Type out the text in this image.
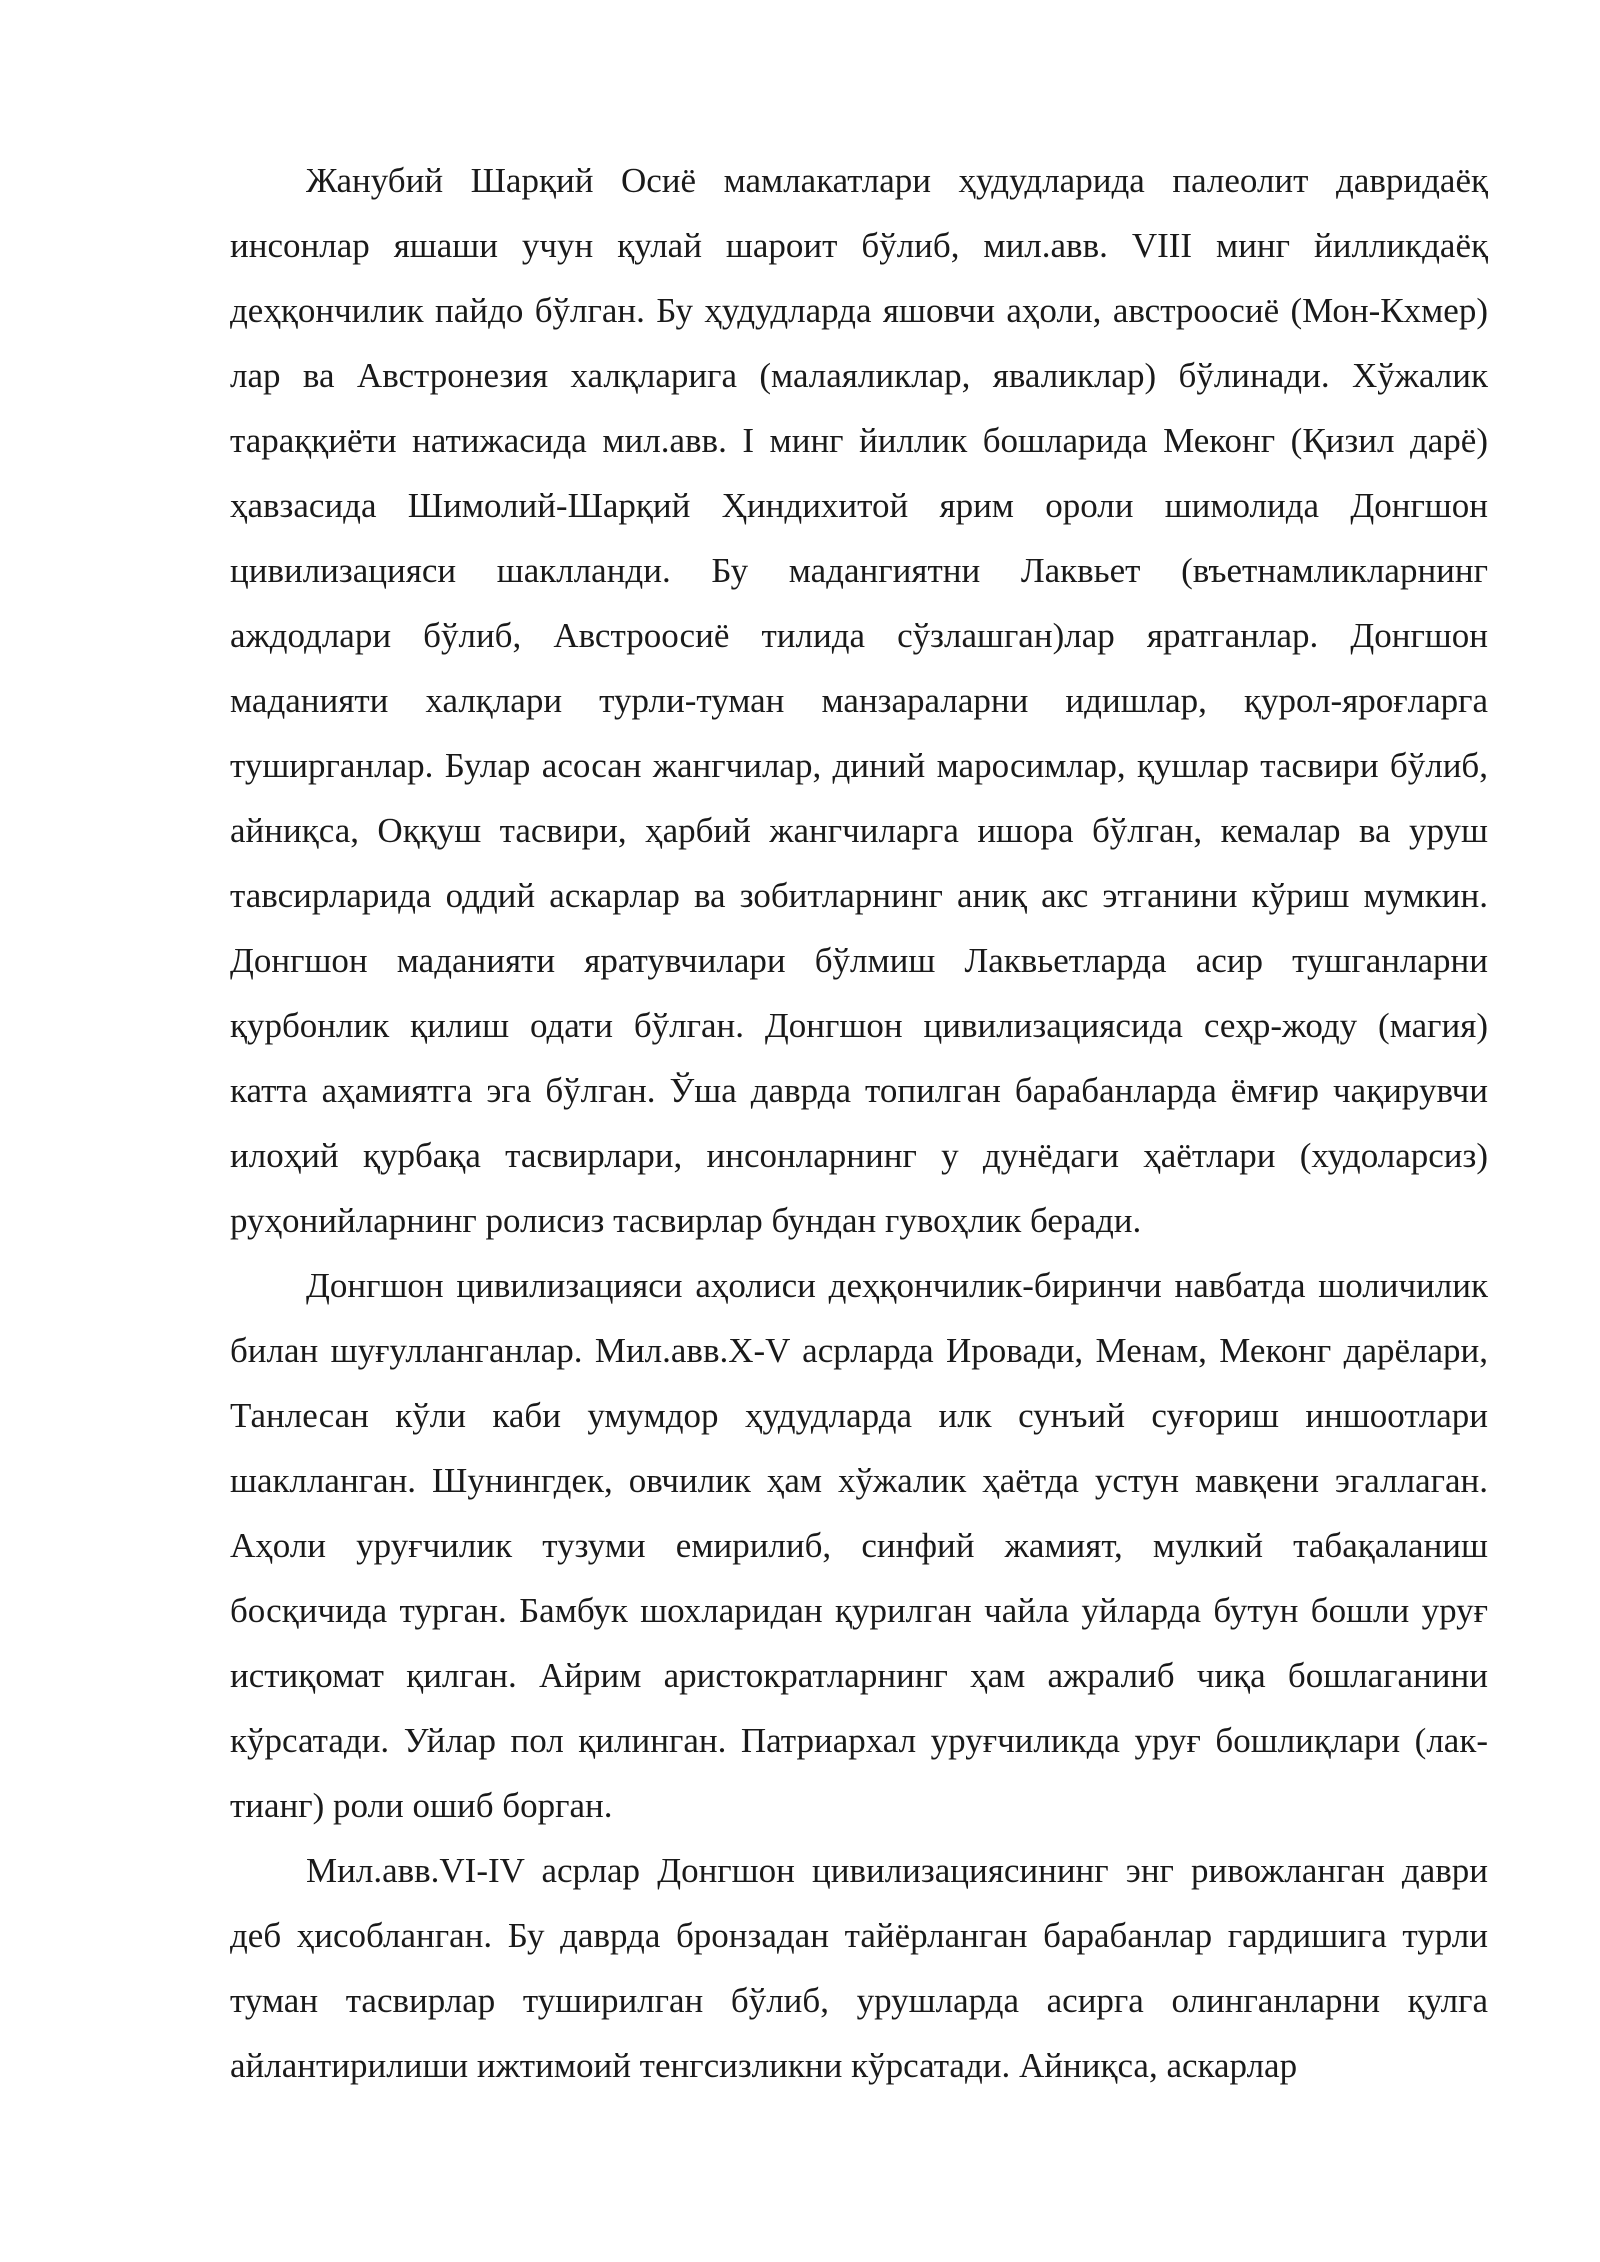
Жанубий Шарқий Осиё мамлакатлари ҳудудларида палеолит давридаёқ инсонлар яшаши учун қулай шароит бўлиб, мил.авв. VIII минг йилликдаёқ деҳқончилик пайдо бўлган. Бу ҳудудларда яшовчи аҳоли, австроосиё (Мон-Кхмер) лар ва Австронезия халқларига (малаяликлар, яваликлар) бўлинади. Хўжалик тараққиёти натижасида мил.авв. I минг йиллик бошларида Меконг (Қизил дарё) ҳавзасида Шимолий-Шарқий Ҳиндихитой ярим ороли шимолида Донгшон цивилизацияси шаклланди. Бу мадангиятни Лаквьет (въетнамликларнинг аждодлари бўлиб, Австроосиё тилида сўзлашган)лар яратганлар. Донгшон маданияти халқлари турли-туман манзараларни идишлар, қурол-яроғларга туширганлар. Булар асосан жангчилар, диний маросимлар, қушлар тасвири бўлиб, айниқса, Оққуш тасвири, ҳарбий жангчиларга ишора бўлган, кемалар ва уруш тавсирларида оддий аскарлар ва зобитларнинг аниқ акс этганини кўриш мумкин. Донгшон маданияти яратувчилари бўлмиш Лаквьетларда асир тушганларни қурбонлик қилиш одати бўлган. Донгшон цивилизациясида сеҳр-жоду (магия) катта аҳамиятга эга бўлган. Ўша даврда топилган барабанларда ёмғир чақирувчи илоҳий қурбақа тасвирлари, инсонларнинг у дунёдаги ҳаётлари (худоларсиз) руҳонийларнинг ролисиз тасвирлар бундан гувоҳлик беради.

Донгшон цивилизацияси аҳолиси деҳқончилик-биринчи навбатда шоличилик билан шуғулланганлар. Мил.авв.X-V асрларда Ировади, Менам, Меконг дарёлари, Танлесан кўли каби умумдор ҳудудларда илк сунъий суғориш иншоотлари шаклланган. Шунингдек, овчилик ҳам хўжалик ҳаётда устун мавқени эгаллаган. Аҳоли уруғчилик тузуми емирилиб, синфий жамият, мулкий табақаланиш босқичида турган. Бамбук шохларидан қурилган чайла уйларда бутун бошли уруғ истиқомат қилган. Айрим аристократларнинг ҳам ажралиб чиқа бошлаганини кўрсатади. Уйлар пол қилинган. Патриархал уруғчиликда уруғ бошлиқлари (лак-тианг) роли ошиб борган.

Мил.авв.VI-IV асрлар Донгшон цивилизациясининг энг ривожланган даври деб ҳисобланган. Бу даврда бронзадан тайёрланган барабанлар гардишига турли туман тасвирлар туширилган бўлиб, урушларда асирга олинганларни қулга айлантирилиши ижтимоий тенгсизликни кўрсатади. Айниқса, аскарлар
